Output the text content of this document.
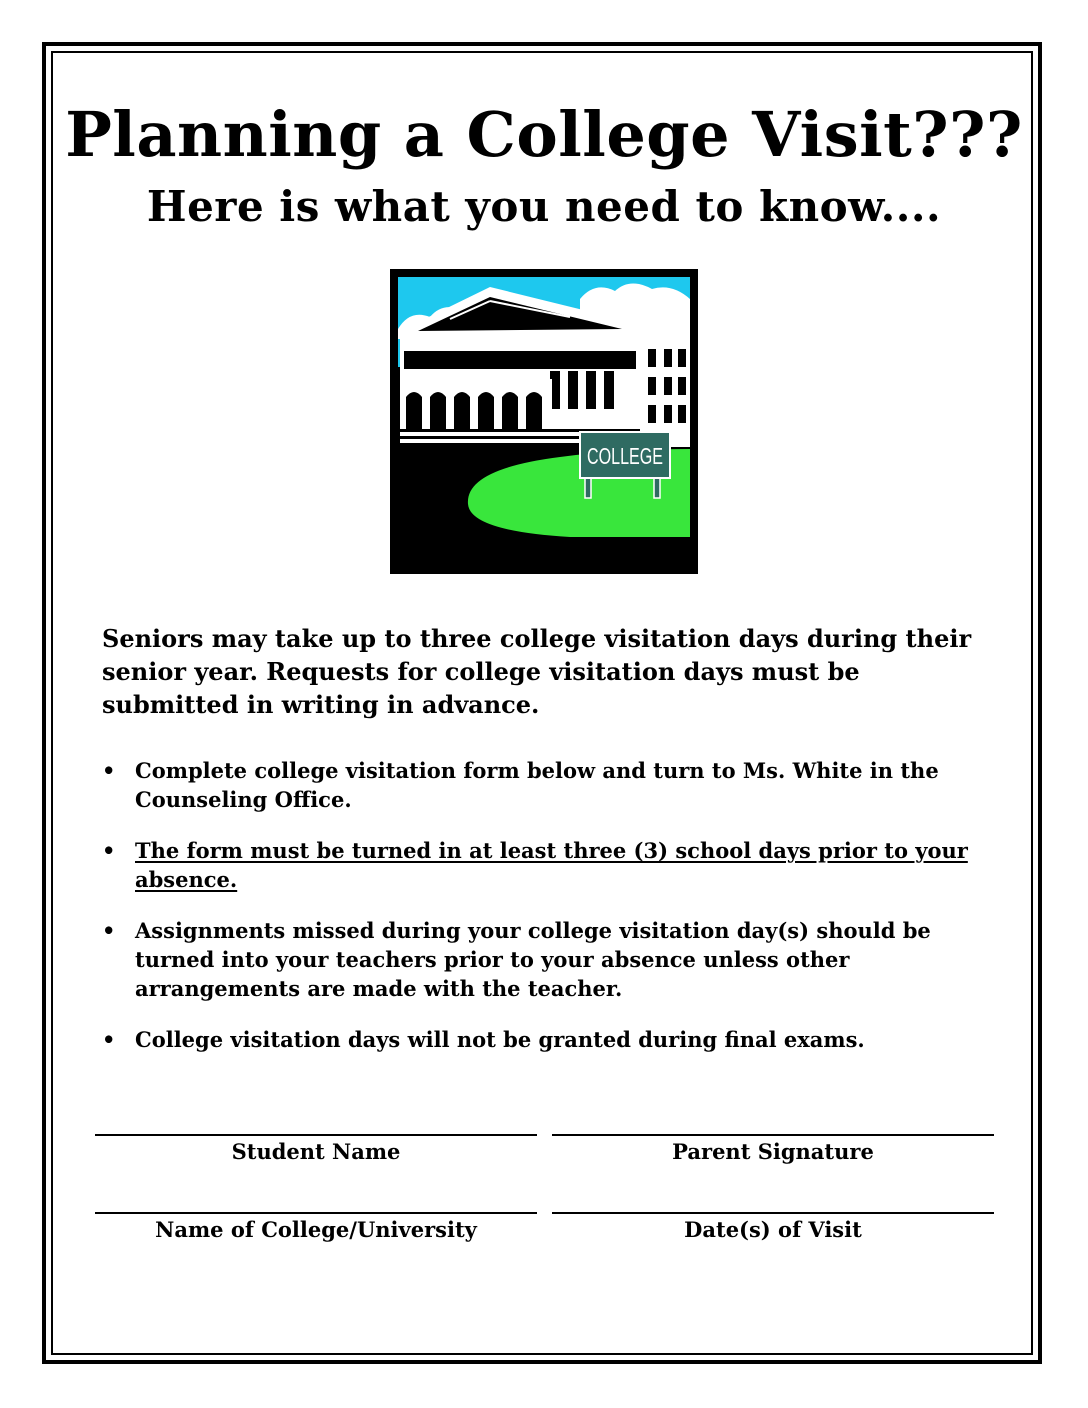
Planning a College Visit???
Here is what you need to know....
COLLEGE

Seniors may take up to three college visitation days during their senior year. Requests for college visitation days must be submitted in writing in advance.

• Complete college visitation form below and turn to Ms. White in the Counseling Office.
• The form must be turned in at least three (3) school days prior to your absence.
• Assignments missed during your college visitation day(s) should be turned into your teachers prior to your absence unless other arrangements are made with the teacher.
• College visitation days will not be granted during final exams.
Student Name	Parent Signature
Name of College/University	Date(s) of Visit
